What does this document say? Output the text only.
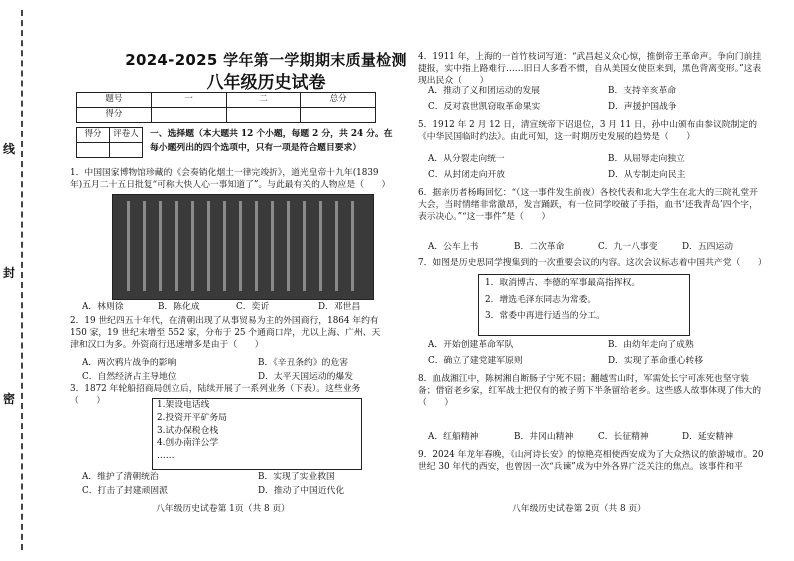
线
封
密
2024-2025 学年第一学期期末质量检测
八年级历史试卷
题号	一	二	总分
得分			
得分	评卷人
	一、选择题（本大题共 12 个小题，每题 2 分，共 24 分。在每小题列出的四个选项中，只有一项是符合题目要求）
1．中国国家博物馆珍藏的《会奏销化烟土一律完竣折》，道光皇帝十九年(1839 年)五月二十五日批复“可称大快人心一事知道了”。与此最有关的人物应是（　　）
A．林则徐	B．陈化成	C．奕䜣	D．邓世昌
2．19 世纪四五十年代，在清朝出现了从事贸易为主的外国商行，1864 年约有 150 家，19 世纪末增至 552 家，分布于 25 个通商口岸，尤以上海、广州、天津和汉口为多。外资商行迅速增多是由于（　　）
A．两次鸦片战争的影响	B．《辛丑条约》的危害
C．自然经济占主导地位	D．太平天国运动的爆发
3．1872 年轮船招商局创立后，陆续开展了一系列业务（下表）。这些业务（　　）	1.架设电话线
2.投资开平矿务局
3.试办保税仓栈
4.创办南洋公学
……
A．维护了清朝统治	B．实现了实业救国
C．打击了封建顽固派	D．推动了中国近代化
八年级历史试卷第 1页（共 8 页）
4．1911 年，上海的一首竹枝词写道：“武昌起义众心惊，推倒帝王革命声。争向门前挂捷报，实中指上路难行……旧日人多看不惯，自从美国女使臣来到，黑色背离变形。”这表现出民众（　　）
A．推动了义和团运动的发展	B．支持辛亥革命
C．反对袁世凯窃取革命果实	D．声援护国战争
5．1912 年 2 月 12 日，清宣统帝下诏退位，3 月 11 日，孙中山颁布由参议院制定的《中华民国临时约法》。由此可知，这一时期历史发展的趋势是（　　）
A．从分裂走向统一	B．从屈辱走向独立
C．从封闭走向开放	D．从专制走向民主
6．据亲历者杨晦回忆：“（这一事件发生前夜）各校代表和北大学生在北大的三院礼堂开大会，当时情绪非常激昂，发言踊跃，有一位同学咬破了手指，血书‘还我青岛’四个字，表示决心。”“这一事件”是（　　）
A．公车上书	B．二次革命	C．九一八事变	D．五四运动
7．如图是历史思同学搜集到的一次重要会议的内容。这次会议标志着中国共产党（　　）
1．取消博古、李德的军事最高指挥权。
2．增选毛泽东同志为常委。
3．常委中再进行适当的分工。
A．开始创建革命军队	B．由幼年走向了成熟
C．确立了建党建军原则	D．实现了革命重心转移
8．血战湘江中，陈树湘自断肠子宁死不屈；翻越雪山时，军需处长宁可冻死也坚守装备；借宿老乡家，红军战士把仅有的被子剪下半条留给老乡。这些感人故事体现了伟大的（　　）
A．红船精神	B．井冈山精神	C．长征精神	D．延安精神
9．2024 年龙年春晚，《山河诗长安》的惊艳亮相使西安成为了大众热议的旅游城市。20 世纪 30 年代的西安，也曾因一次“兵谏”成为中外各界广泛关注的焦点。该事件和平
八年级历史试卷第 2页（共 8 页）
